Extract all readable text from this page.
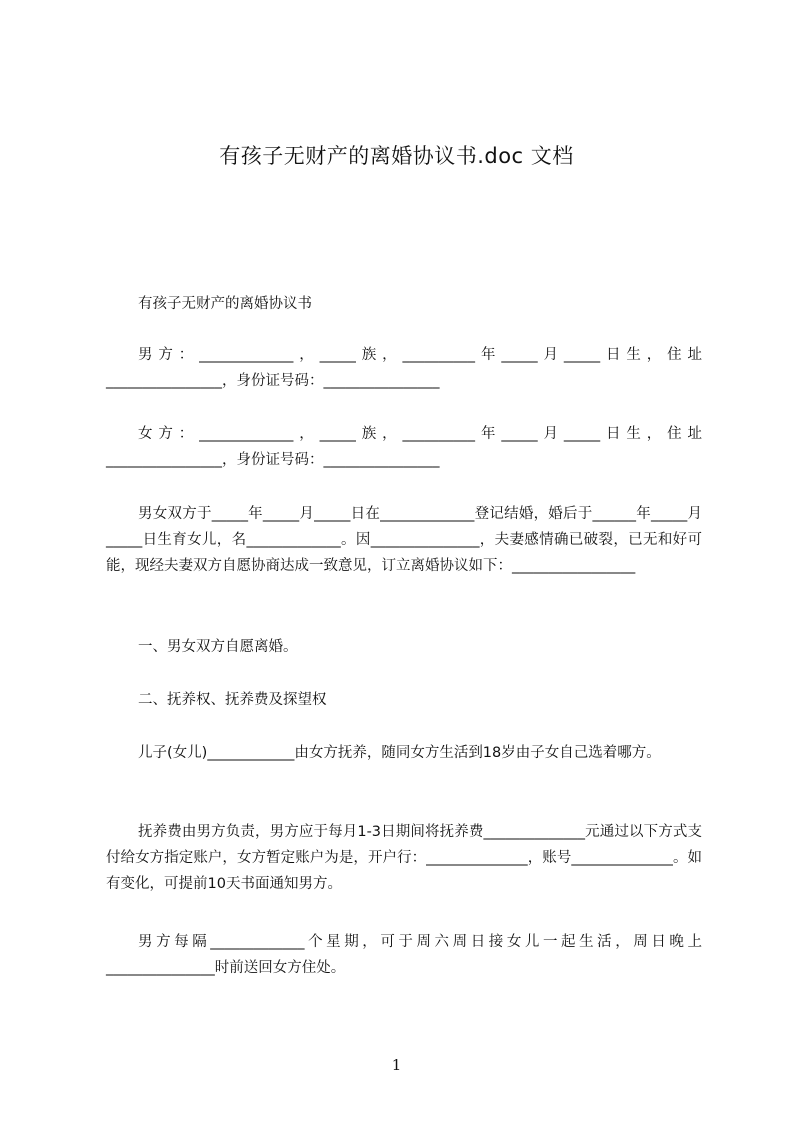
有孩子无财产的离婚协议书.doc 文档

有孩子无财产的离婚协议书

男方：_____________，_____族，__________年_____月_____日生，住址________________，身份证号码：________________

女方：_____________，_____族，__________年_____月_____日生，住址________________，身份证号码：________________

男女双方于_____年_____月_____日在_____________登记结婚，婚后于______年_____月_____日生育女儿，名_____________。因_______________，夫妻感情确已破裂，已无和好可能，现经夫妻双方自愿协商达成一致意见，订立离婚协议如下：_________________

一、男女双方自愿离婚。

二、抚养权、抚养费及探望权

儿子(女儿)____________由女方抚养，随同女方生活到18岁由子女自己选着哪方。

抚养费由男方负责，男方应于每月1-3日期间将抚养费______________元通过以下方式支付给女方指定账户，女方暂定账户为是，开户行：______________，账号______________。如有变化，可提前10天书面通知男方。

男方每隔_____________个星期，可于周六周日接女儿一起生活，周日晚上_______________时前送回女方住处。

1
